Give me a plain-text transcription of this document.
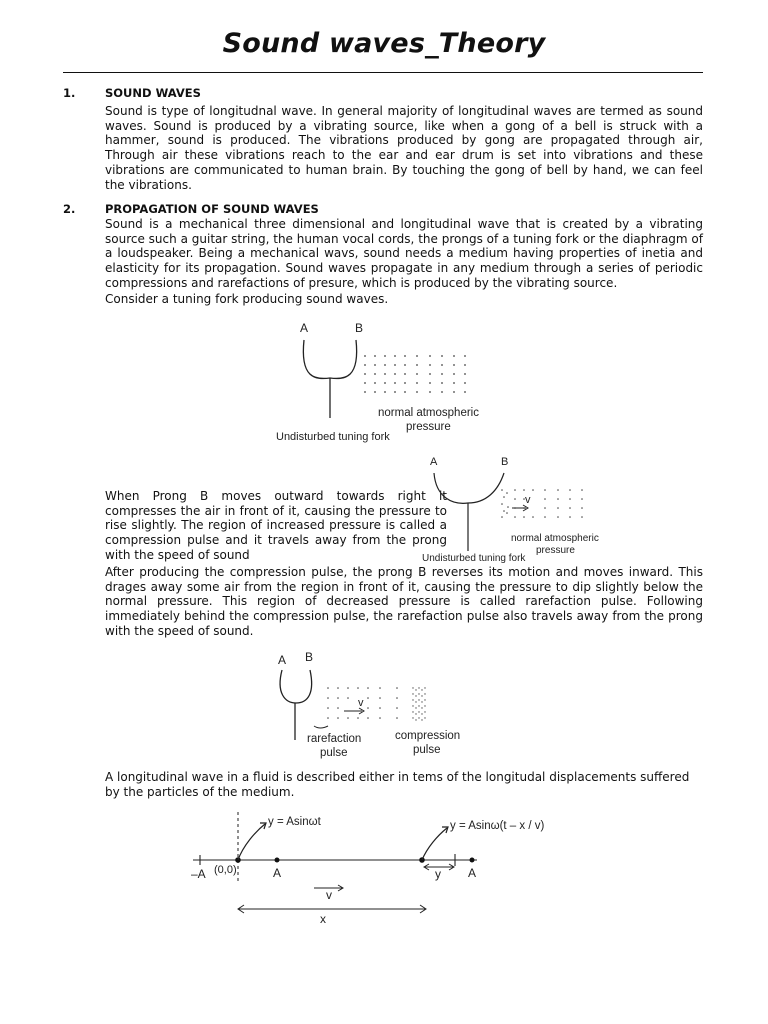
Sound waves_Theory
1.	SOUND WAVES
Sound is type of longitudnal wave. In general majority of longitudinal waves are termed as sound waves. Sound is produced by a vibrating source, like when a gong of a bell is struck with a hammer, sound is produced. The vibrations produced by gong are propagated through air, Through air these vibrations reach to the ear and ear drum is set into vibrations and these vibrations are communicated to human brain. By touching the gong of bell by hand, we can feel the vibrations.
2.	PROPAGATION OF SOUND WAVES
Sound is a mechanical three dimensional and longitudinal wave that is created by a vibrating source such a guitar string, the human vocal cords, the prongs of a tuning fork or the diaphragm of a loudspeaker. Being a mechanical wavs, sound needs a medium having properties of inetia and elasticity for its propagation. Sound waves propagate in any medium through a series of periodic compressions and rarefactions of presure, which is produced by the vibrating source.
Consider a tuning fork producing sound waves.
A	B
normal atmospheric
pressure
Undisturbed tuning fork
A	B
v
normal atmospheric
pressure
Undisturbed tuning fork
When Prong B moves outward towards right it compresses the air in front of it, causing the pressure to rise slightly. The region of increased pressure is called a compression pulse and it travels away from the prong with the speed of sound
After producing the compression pulse, the prong B reverses its motion and moves inward. This drages away some air from the region in front of it, causing the pressure to dip slightly below the normal pressure. This region of decreased pressure is called rarefaction pulse. Following immediately behind the compression pulse, the rarefaction pulse also travels away from the prong with the speed of sound.
A B
v
rarefaction
pulse
compression
pulse
A longitudinal wave in a fluid is described either in tems of the longitudal displacements suffered by the particles of the medium.
y = Asinωt	y = Asinω(t – x / v)
–A (0,0)	A	A
y
v
x
